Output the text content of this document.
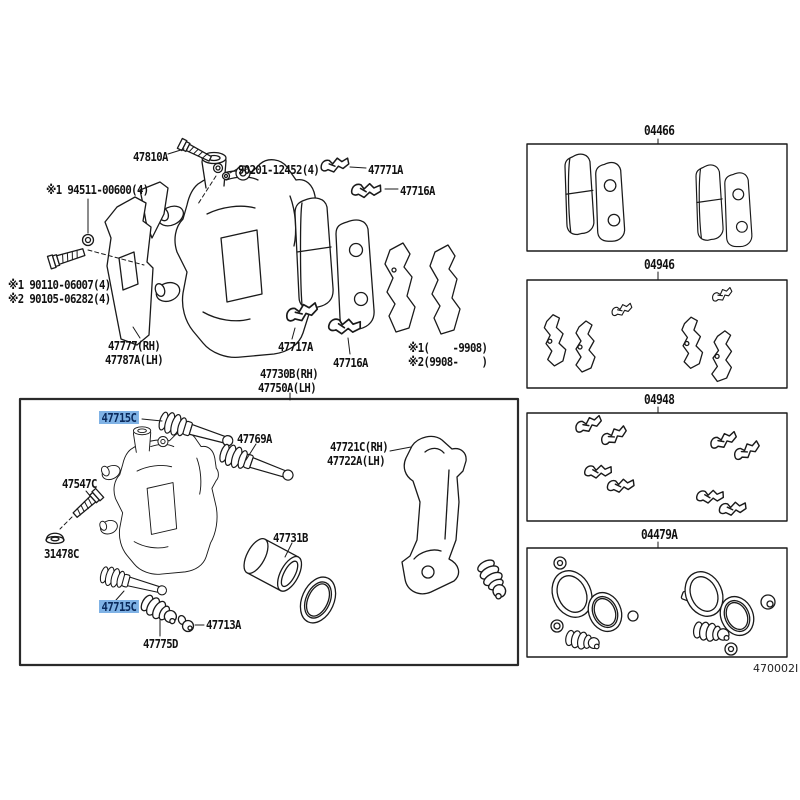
47810A
90201-12452(4)	47771A
47716A
※1 94511-00600(4)
※1 90110-06007(4)
※2 90105-06282(4)
47777(RH)
47787A(LH)
47717A
47716A
※1(    -9908)
※2(9908-    )
47730B(RH)
47750A(LH)
47715C
47769A
47547C
31478C
47715C
47731B
47721C(RH)
47722A(LH)
47713A
47775D
04466
04946
04948
04479A
470002I
